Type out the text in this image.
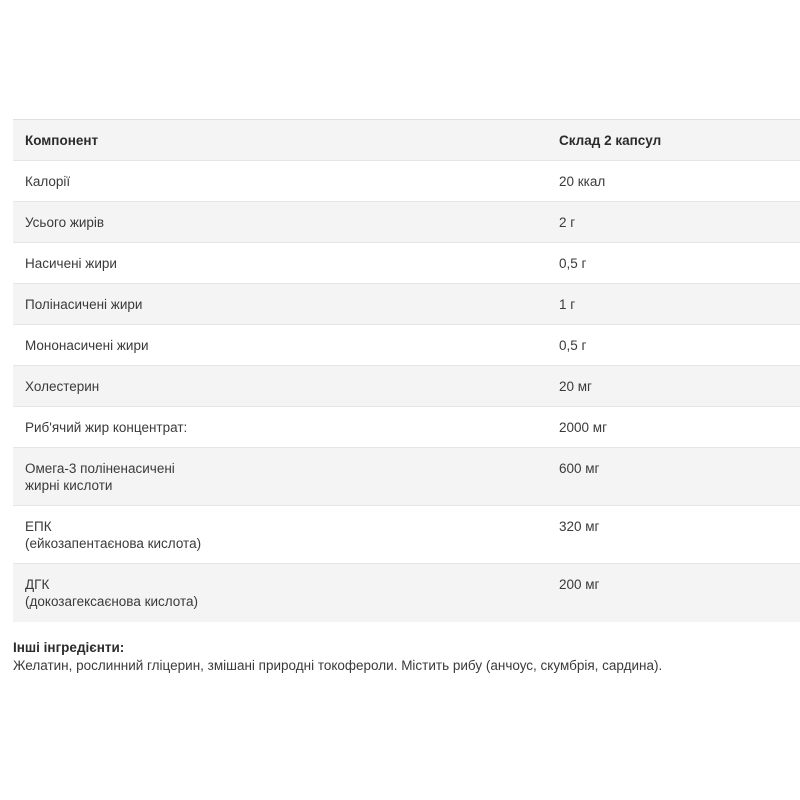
Компонент	Склад 2 капсул

Калорії	20 ккал

Усього жирів	2 г

Насичені жири	0,5 г

Полінасичені жири	1 г

Мононасичені жири	0,5 г

Холестерин	20 мг

Риб'ячий жир концентрат:	2000 мг

Омега-3 поліненасичені
жирні кислоти	600 мг

ЕПК
(ейкозапентаєнова кислота)	320 мг

ДГК
(докозагексаєнова кислота)	200 мг
Інші інгредієнти:
Желатин, рослинний гліцерин, змішані природні токофероли. Містить рибу (анчоус, скумбрія, сардина).
